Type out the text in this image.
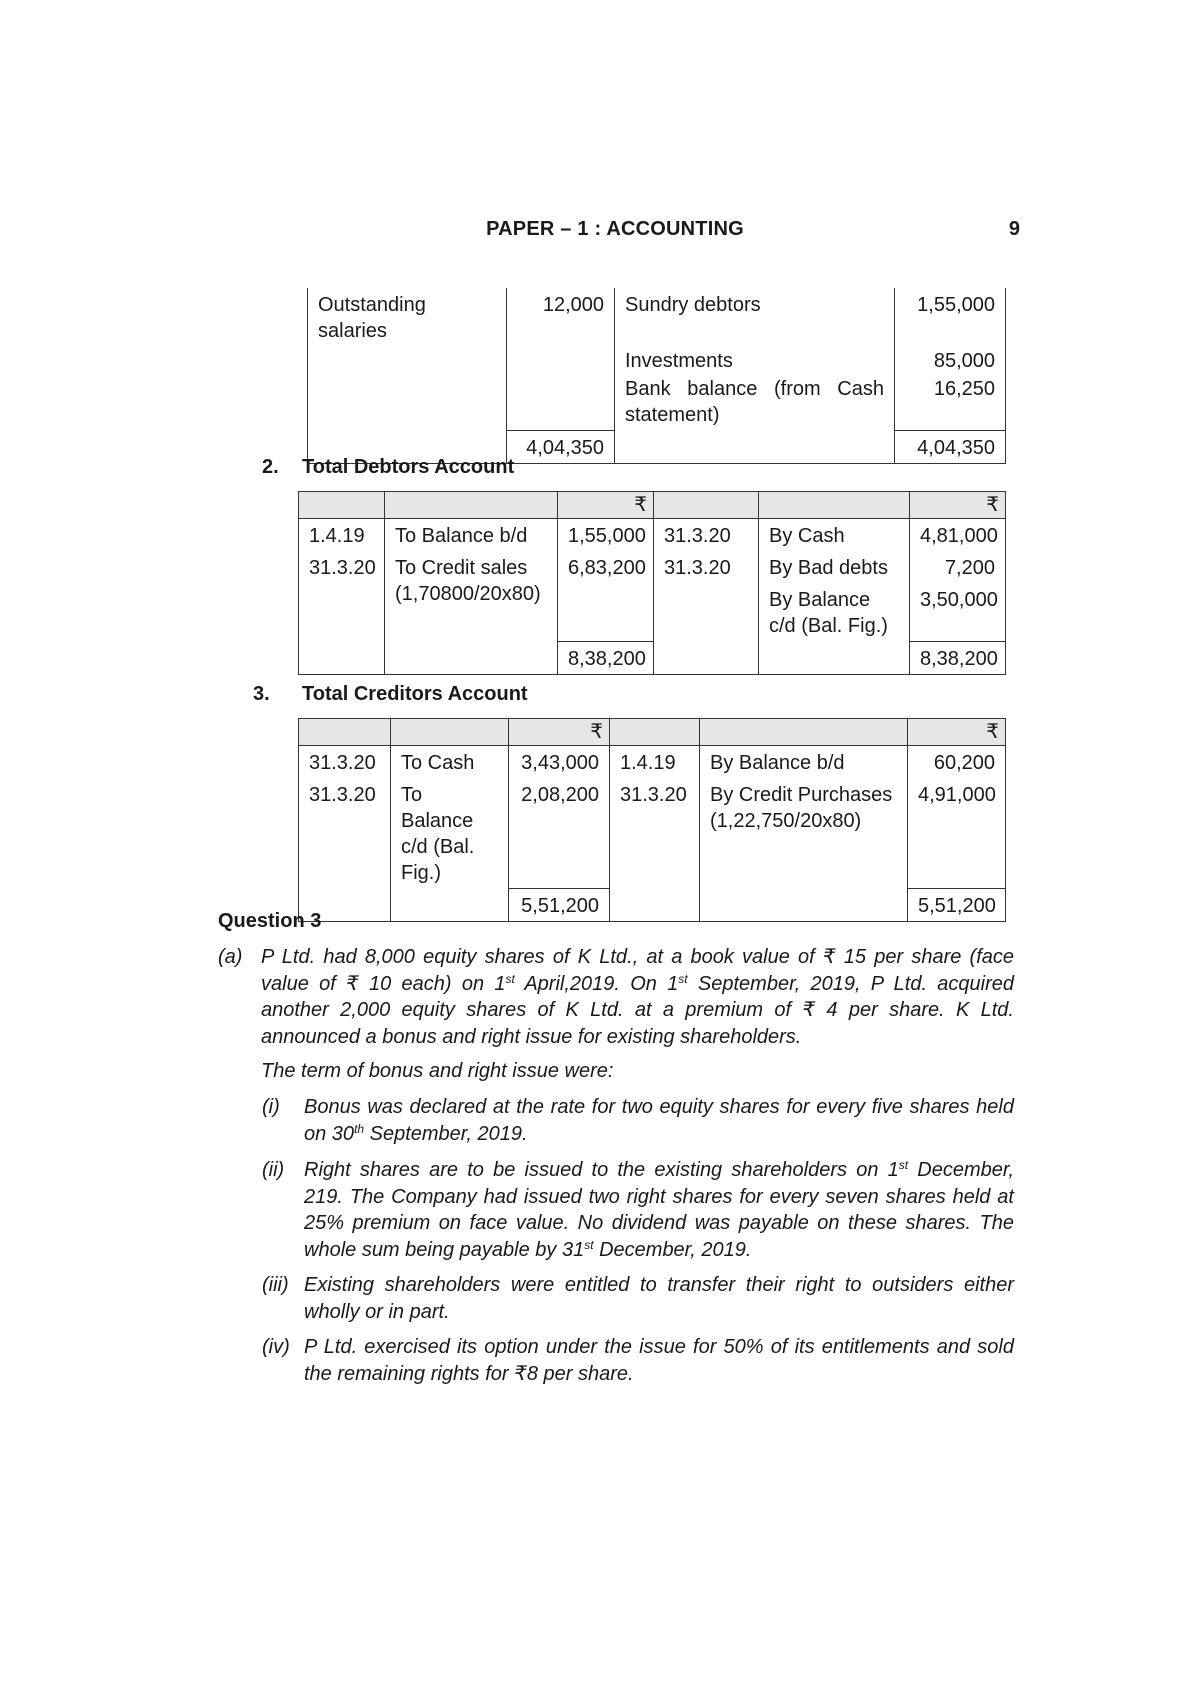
PAPER – 1 : ACCOUNTING	9
Outstanding salaries	12,000	Sundry debtors	1,55,000
		Investments	85,000
		Bank balance (from Cash statement)	16,250
	4,04,350		4,04,350
2. Total Debtors Account
		₹			₹
1.4.19	To Balance b/d	1,55,000	31.3.20	By Cash	4,81,000
31.3.20	To Credit sales (1,70800/20x80)	6,83,200	31.3.20	By Bad debts	7,200
				By Balance c/d (Bal. Fig.)	3,50,000
		8,38,200			8,38,200
3. Total Creditors Account
		₹			₹
31.3.20	To Cash	3,43,000	1.4.19	By Balance b/d	60,200
31.3.20	To Balance c/d (Bal. Fig.)	2,08,200	31.3.20	By Credit Purchases (1,22,750/20x80)	4,91,000
		5,51,200			5,51,200
Question 3
(a) P Ltd. had 8,000 equity shares of K Ltd., at a book value of ₹ 15 per share (face value of ₹ 10 each) on 1st April,2019. On 1st September, 2019, P Ltd. acquired another 2,000 equity shares of K Ltd. at a premium of ₹ 4 per share. K Ltd. announced a bonus and right issue for existing shareholders.
The term of bonus and right issue were:
(i) Bonus was declared at the rate for two equity shares for every five shares held on 30th September, 2019.
(ii) Right shares are to be issued to the existing shareholders on 1st December, 219. The Company had issued two right shares for every seven shares held at 25% premium on face value. No dividend was payable on these shares. The whole sum being payable by 31st December, 2019.
(iii) Existing shareholders were entitled to transfer their right to outsiders either wholly or in part.
(iv) P Ltd. exercised its option under the issue for 50% of its entitlements and sold the remaining rights for ₹8 per share.
